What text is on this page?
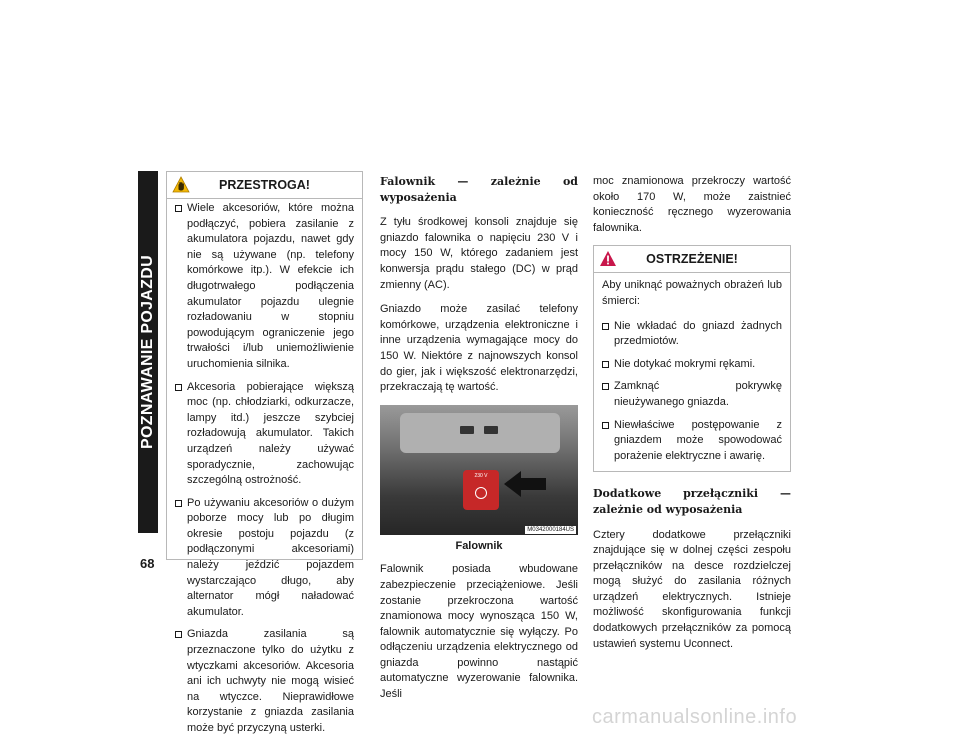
POZNAWANIE POJAZDU
68
PRZESTROGA!
Wiele akcesoriów, które można podłączyć, pobiera zasilanie z akumulatora pojazdu, nawet gdy nie są używane (np. telefony komórkowe itp.). W efekcie ich długotrwałego podłączenia akumulator pojazdu ulegnie rozładowaniu w stopniu powodującym ograniczenie jego trwałości i/lub uniemożliwienie uruchomienia silnika.
Akcesoria pobierające większą moc (np. chłodziarki, odkurzacze, lampy itd.) jeszcze szybciej rozładowują akumulator. Takich urządzeń należy używać sporadycznie, zachowując szczególną ostrożność.
Po używaniu akcesoriów o dużym poborze mocy lub po długim okresie postoju pojazdu (z podłączonymi akcesoriami) należy jeździć pojazdem wystarczająco długo, aby alternator mógł naładować akumulator.
Gniazda zasilania są przeznaczone tylko do użytku z wtyczkami akcesoriów. Akcesoria ani ich uchwyty nie mogą wisieć na wtyczce. Nieprawidłowe korzystanie z gniazda zasilania może być przyczyną usterki.
Falownik — zależnie od wyposażenia

Z tyłu środkowej konsoli znajduje się gniazdo falownika o napięciu 230 V i mocy 150 W, którego zadaniem jest konwersja prądu stałego (DC) w prąd zmienny (AC).

Gniazdo może zasilać telefony komórkowe, urządzenia elektroniczne i inne urządzenia wymagające mocy do 150 W. Niektóre z najnowszych konsol do gier, jak i większość elektronarzędzi, przekraczają tę wartość.

230 V
M0342000184US
Falownik

Falownik posiada wbudowane zabezpieczenie przeciążeniowe. Jeśli zostanie przekroczona wartość znamionowa mocy wynosząca 150 W, falownik automatycznie się wyłączy. Po odłączeniu urządzenia elektrycznego od gniazda powinno nastąpić automatyczne wyzerowanie falownika. Jeśli

moc znamionowa przekroczy wartość około 170 W, może zaistnieć konieczność ręcznego wyzerowania falownika.

OSTRZEŻENIE!
Aby uniknąć poważnych obrażeń lub śmierci:
Nie wkładać do gniazd żadnych przedmiotów.
Nie dotykać mokrymi rękami.
Zamknąć pokrywkę nieużywanego gniazda.
Niewłaściwe postępowanie z gniazdem może spowodować porażenie elektryczne i awarię.
Dodatkowe przełączniki — zależnie od wyposażenia

Cztery dodatkowe przełączniki znajdujące się w dolnej części zespołu przełączników na desce rozdzielczej mogą służyć do zasilania różnych urządzeń elektrycznych. Istnieje możliwość skonfigurowania funkcji dodatkowych przełączników za pomocą ustawień systemu Uconnect.

carmanualsonline.info
